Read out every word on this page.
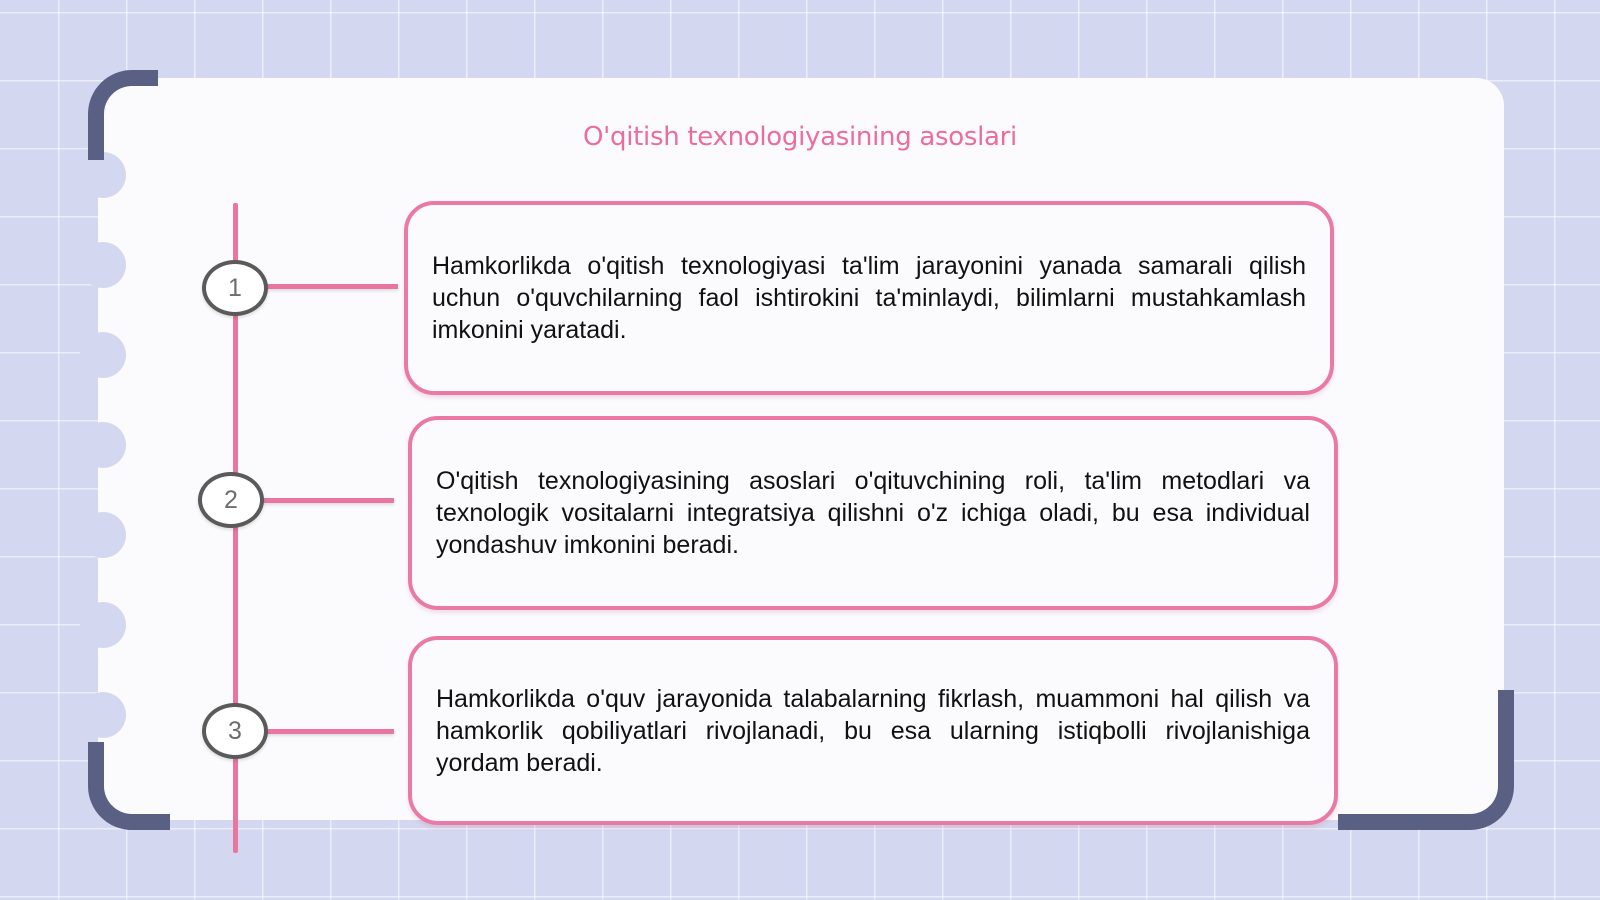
O'qitish texnologiyasining asoslari
1

Hamkorlikda o'qitish texnologiyasi ta'lim jarayonini yanada samarali qilish uchun o'quvchilarning faol ishtirokini ta'minlaydi, bilimlarni mustahkamlash imkonini yaratadi.

2

O'qitish texnologiyasining asoslari o'qituvchining roli, ta'lim metodlari va texnologik vositalarni integratsiya qilishni o'z ichiga oladi, bu esa individual yondashuv imkonini beradi.

3

Hamkorlikda o'quv jarayonida talabalarning fikrlash, muammoni hal qilish va hamkorlik qobiliyatlari rivojlanadi, bu esa ularning istiqbolli rivojlanishiga yordam beradi.
